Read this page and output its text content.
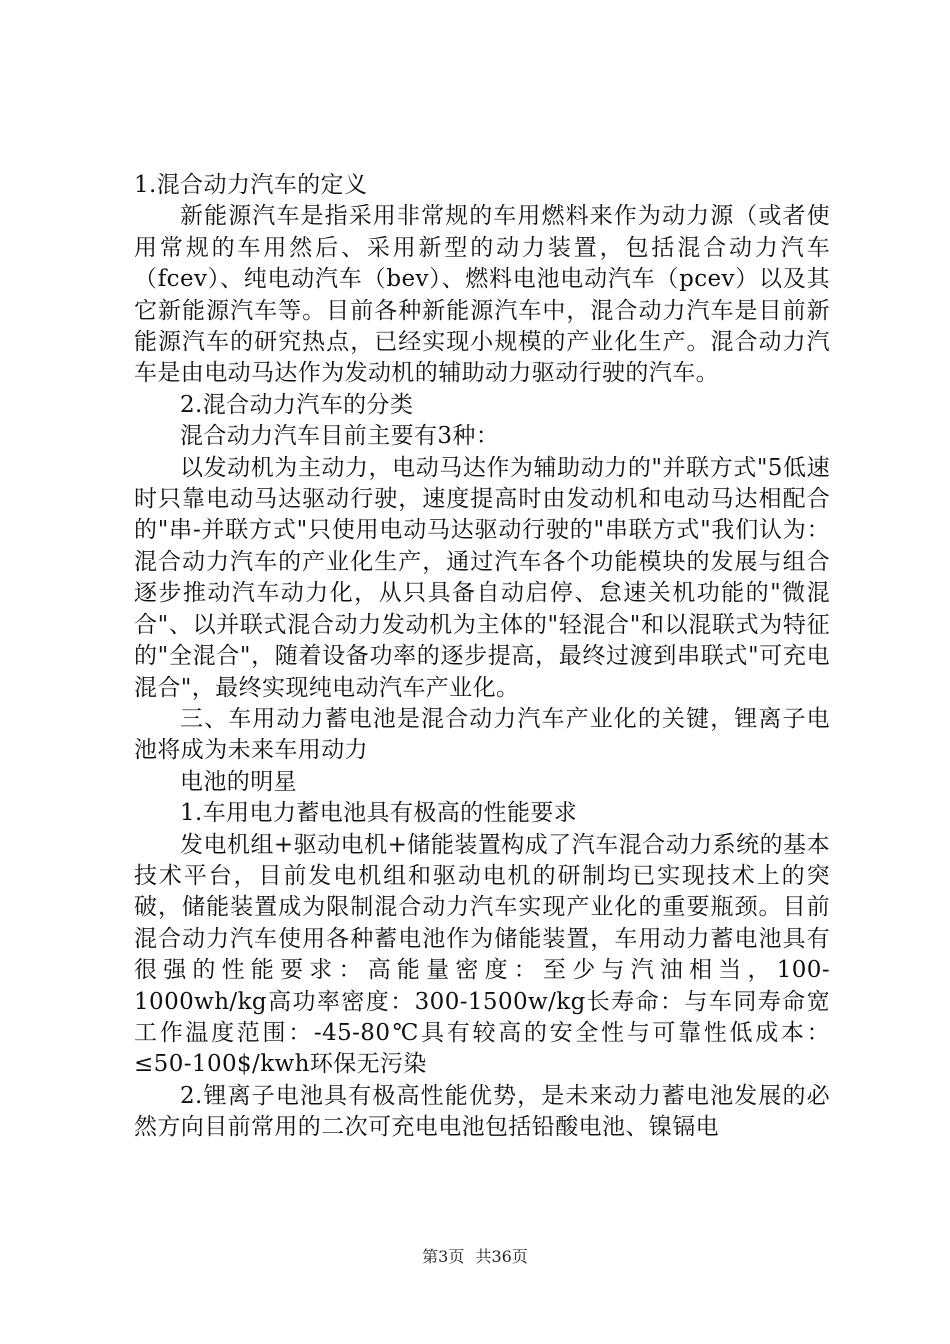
1.混合动力汽车的定义

新能源汽车是指采用非常规的车用燃料来作为动力源（或者使用常规的车用然后、采用新型的动力装置，包括混合动力汽车（fcev）、纯电动汽车（bev）、燃料电池电动汽车（pcev）以及其它新能源汽车等。目前各种新能源汽车中，混合动力汽车是目前新能源汽车的研究热点，已经实现小规模的产业化生产。混合动力汽车是由电动马达作为发动机的辅助动力驱动行驶的汽车。

2.混合动力汽车的分类

混合动力汽车目前主要有3种：

以发动机为主动力，电动马达作为辅助动力的"并联方式"5低速时只靠电动马达驱动行驶，速度提高时由发动机和电动马达相配合的"串-并联方式"只使用电动马达驱动行驶的"串联方式"我们认为：混合动力汽车的产业化生产，通过汽车各个功能模块的发展与组合逐步推动汽车动力化，从只具备自动启停、怠速关机功能的"微混合"、以并联式混合动力发动机为主体的"轻混合"和以混联式为特征的"全混合"，随着设备功率的逐步提高，最终过渡到串联式"可充电混合"，最终实现纯电动汽车产业化。

三、车用动力蓄电池是混合动力汽车产业化的关键，锂离子电池将成为未来车用动力

电池的明星

1.车用电力蓄电池具有极高的性能要求

发电机组+驱动电机+储能装置构成了汽车混合动力系统的基本技术平台，目前发电机组和驱动电机的研制均已实现技术上的突破，储能装置成为限制混合动力汽车实现产业化的重要瓶颈。目前混合动力汽车使用各种蓄电池作为储能装置，车用动力蓄电池具有很强的性能要求：高能量密度：至少与汽油相当，100-1000wh/kg高功率密度：300-1500w/kg长寿命：与车同寿命宽工作温度范围：-45-80℃具有较高的安全性与可靠性低成本：≤50-100$/kwh环保无污染

2.锂离子电池具有极高性能优势，是未来动力蓄电池发展的必然方向目前常用的二次可充电电池包括铅酸电池、镍镉电

第3页 共36页
